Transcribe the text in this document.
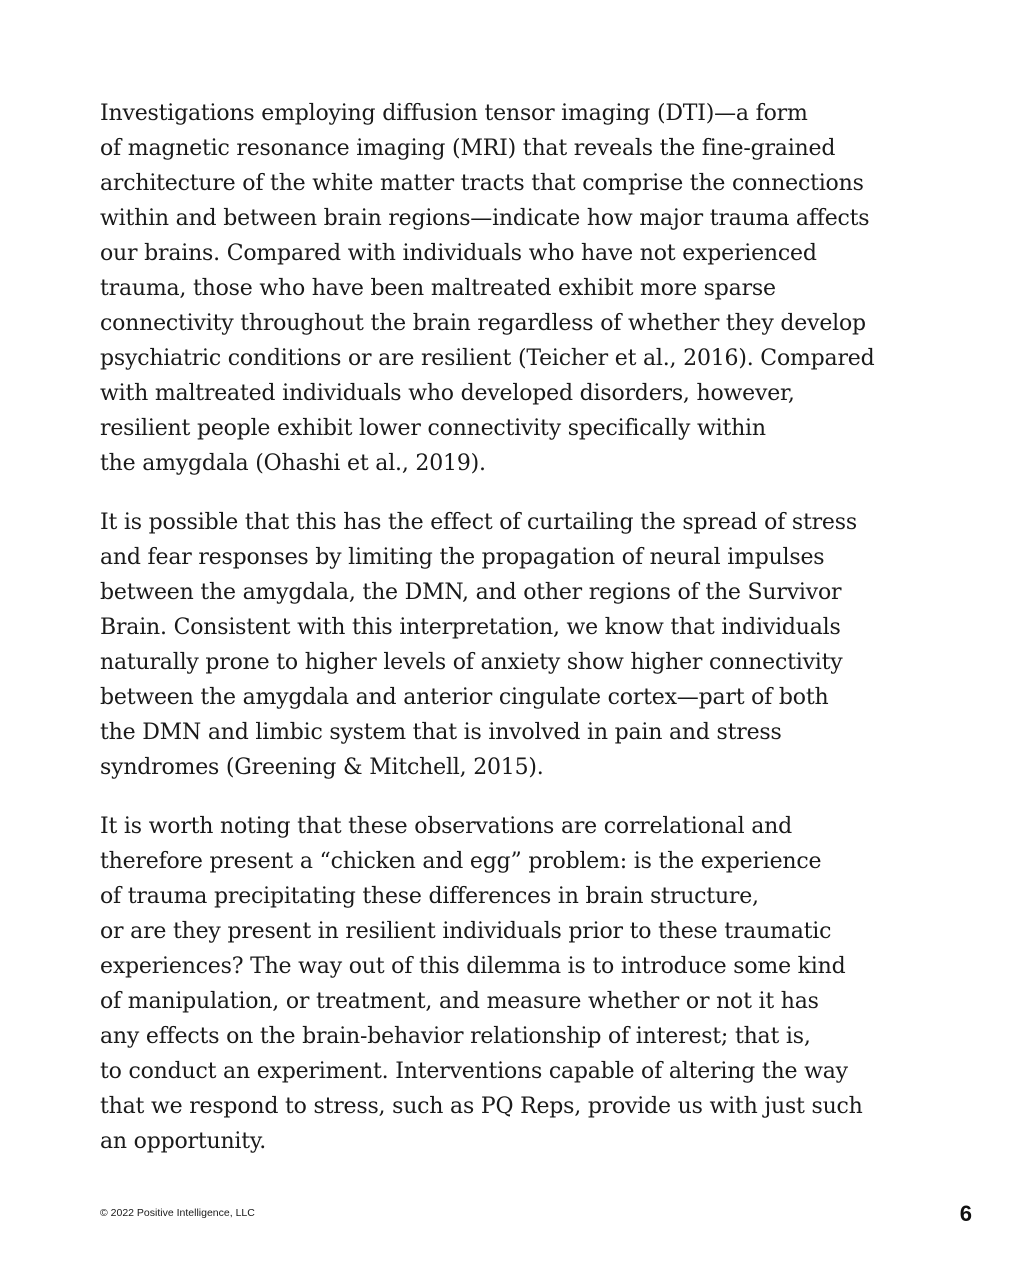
Investigations employing diffusion tensor imaging (DTI)—a form
of magnetic resonance imaging (MRI) that reveals the fine-grained
architecture of the white matter tracts that comprise the connections
within and between brain regions—indicate how major trauma affects
our brains. Compared with individuals who have not experienced
trauma, those who have been maltreated exhibit more sparse
connectivity throughout the brain regardless of whether they develop
psychiatric conditions or are resilient (Teicher et al., 2016). Compared
with maltreated individuals who developed disorders, however,
resilient people exhibit lower connectivity specifically within
the amygdala (Ohashi et al., 2019).

It is possible that this has the effect of curtailing the spread of stress
and fear responses by limiting the propagation of neural impulses
between the amygdala, the DMN, and other regions of the Survivor
Brain. Consistent with this interpretation, we know that individuals
naturally prone to higher levels of anxiety show higher connectivity
between the amygdala and anterior cingulate cortex—part of both
the DMN and limbic system that is involved in pain and stress
syndromes (Greening & Mitchell, 2015).

It is worth noting that these observations are correlational and
therefore present a “chicken and egg” problem: is the experience
of trauma precipitating these differences in brain structure,
or are they present in resilient individuals prior to these traumatic
experiences? The way out of this dilemma is to introduce some kind
of manipulation, or treatment, and measure whether or not it has
any effects on the brain-behavior relationship of interest; that is,
to conduct an experiment. Interventions capable of altering the way
that we respond to stress, such as PQ Reps, provide us with just such
an opportunity.

© 2022 Positive Intelligence, LLC	6
